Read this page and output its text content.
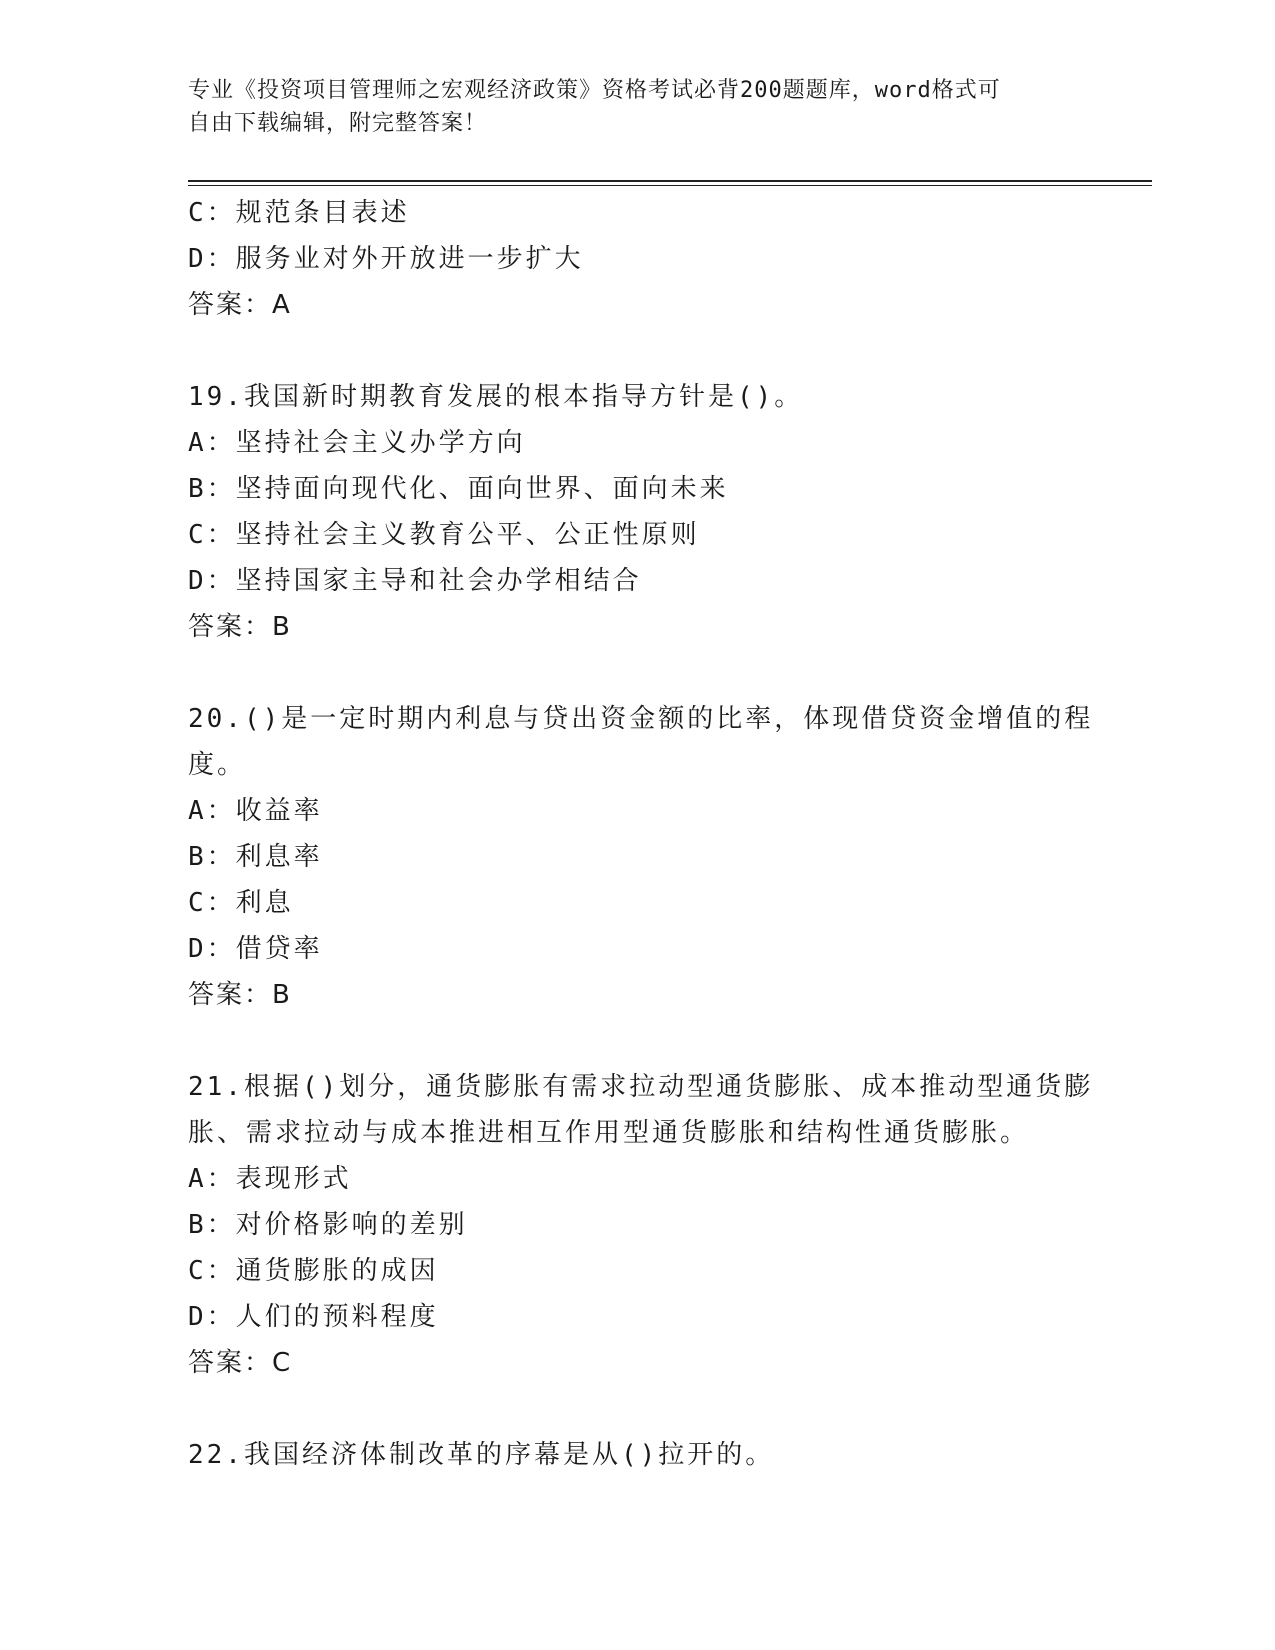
专业《投资项目管理师之宏观经济政策》资格考试必背200题题库，word格式可
自由下载编辑，附完整答案！
C：规范条目表述
D：服务业对外开放进一步扩大
答案：A
19.我国新时期教育发展的根本指导方针是()。
A：坚持社会主义办学方向
B：坚持面向现代化、面向世界、面向未来
C：坚持社会主义教育公平、公正性原则
D：坚持国家主导和社会办学相结合
答案：B
20.()是一定时期内利息与贷出资金额的比率，体现借贷资金增值的程
度。
A：收益率
B：利息率
C：利息
D：借贷率
答案：B
21.根据()划分，通货膨胀有需求拉动型通货膨胀、成本推动型通货膨
胀、需求拉动与成本推进相互作用型通货膨胀和结构性通货膨胀。
A：表现形式
B：对价格影响的差别
C：通货膨胀的成因
D：人们的预料程度
答案：C
22.我国经济体制改革的序幕是从()拉开的。
